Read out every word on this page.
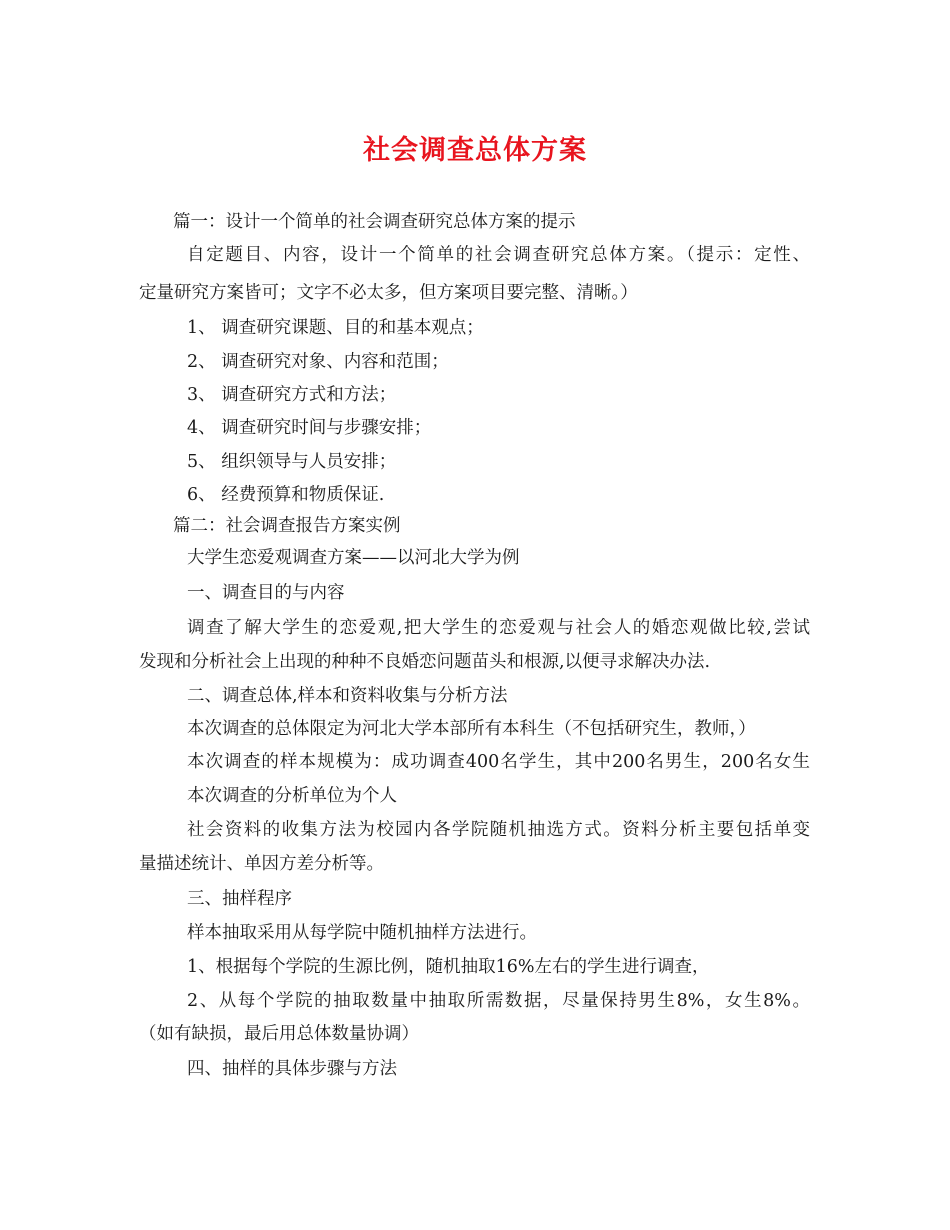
社会调查总体方案
篇一：设计一个简单的社会调查研究总体方案的提示
自定题目、内容，设计一个简单的社会调查研究总体方案。（提示：定性、
定量研究方案皆可；文字不必太多，但方案项目要完整、清晰。）
1、 调查研究课题、目的和基本观点；
2、 调查研究对象、内容和范围；
3、 调查研究方式和方法；
4、 调查研究时间与步骤安排；
5、 组织领导与人员安排；
6、 经费预算和物质保证.
篇二：社会调查报告方案实例
大学生恋爱观调查方案——以河北大学为例
一、调查目的与内容
调查了解大学生的恋爱观,把大学生的恋爱观与社会人的婚恋观做比较,尝试
发现和分析社会上出现的种种不良婚恋问题苗头和根源,以便寻求解决办法.
二、调查总体,样本和资料收集与分析方法
本次调查的总体限定为河北大学本部所有本科生（不包括研究生，教师，）
本次调查的样本规模为：成功调查400名学生，其中200名男生，200名女生
本次调查的分析单位为个人
社会资料的收集方法为校园内各学院随机抽选方式。资料分析主要包括单变
量描述统计、单因方差分析等。
三、抽样程序
样本抽取采用从每学院中随机抽样方法进行。
1、根据每个学院的生源比例，随机抽取16%左右的学生进行调查，
2、从每个学院的抽取数量中抽取所需数据，尽量保持男生8%，女生8%。
（如有缺损，最后用总体数量协调）
四、抽样的具体步骤与方法
